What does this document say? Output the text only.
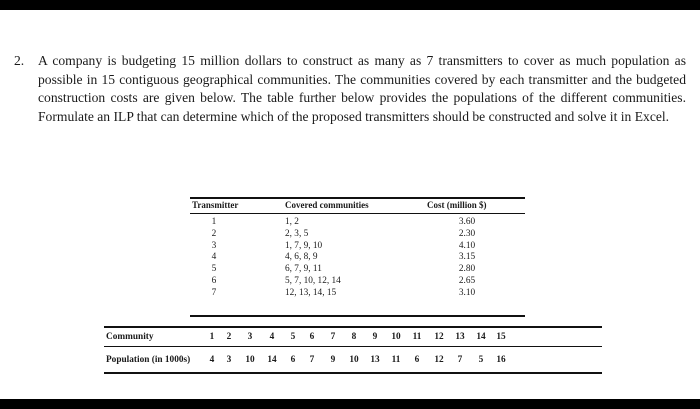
2. A company is budgeting 15 million dollars to construct as many as 7 transmitters to cover as much population as possible in 15 contiguous geographical communities. The communities covered by each transmitter and the budgeted construction costs are given below. The table further below provides the populations of the different communities. Formulate an ILP that can determine which of the proposed transmitters should be constructed and solve it in Excel.
Transmitter	Covered communities	Cost (million $)
1
2
3
4
5
6
7
1, 2
2, 3, 5
1, 7, 9, 10
4, 6, 8, 9
6, 7, 9, 11
5, 7, 10, 12, 14
12, 13, 14, 15
3.60
2.30
4.10
3.15
2.80
2.65
3.10
Community
Population (in 1000s)
1
4
2
3
3
10
4
14
5
6
6
7
7
9
8
10
9
13
10
11
11
6
12
12
13
7
14
5
15
16
